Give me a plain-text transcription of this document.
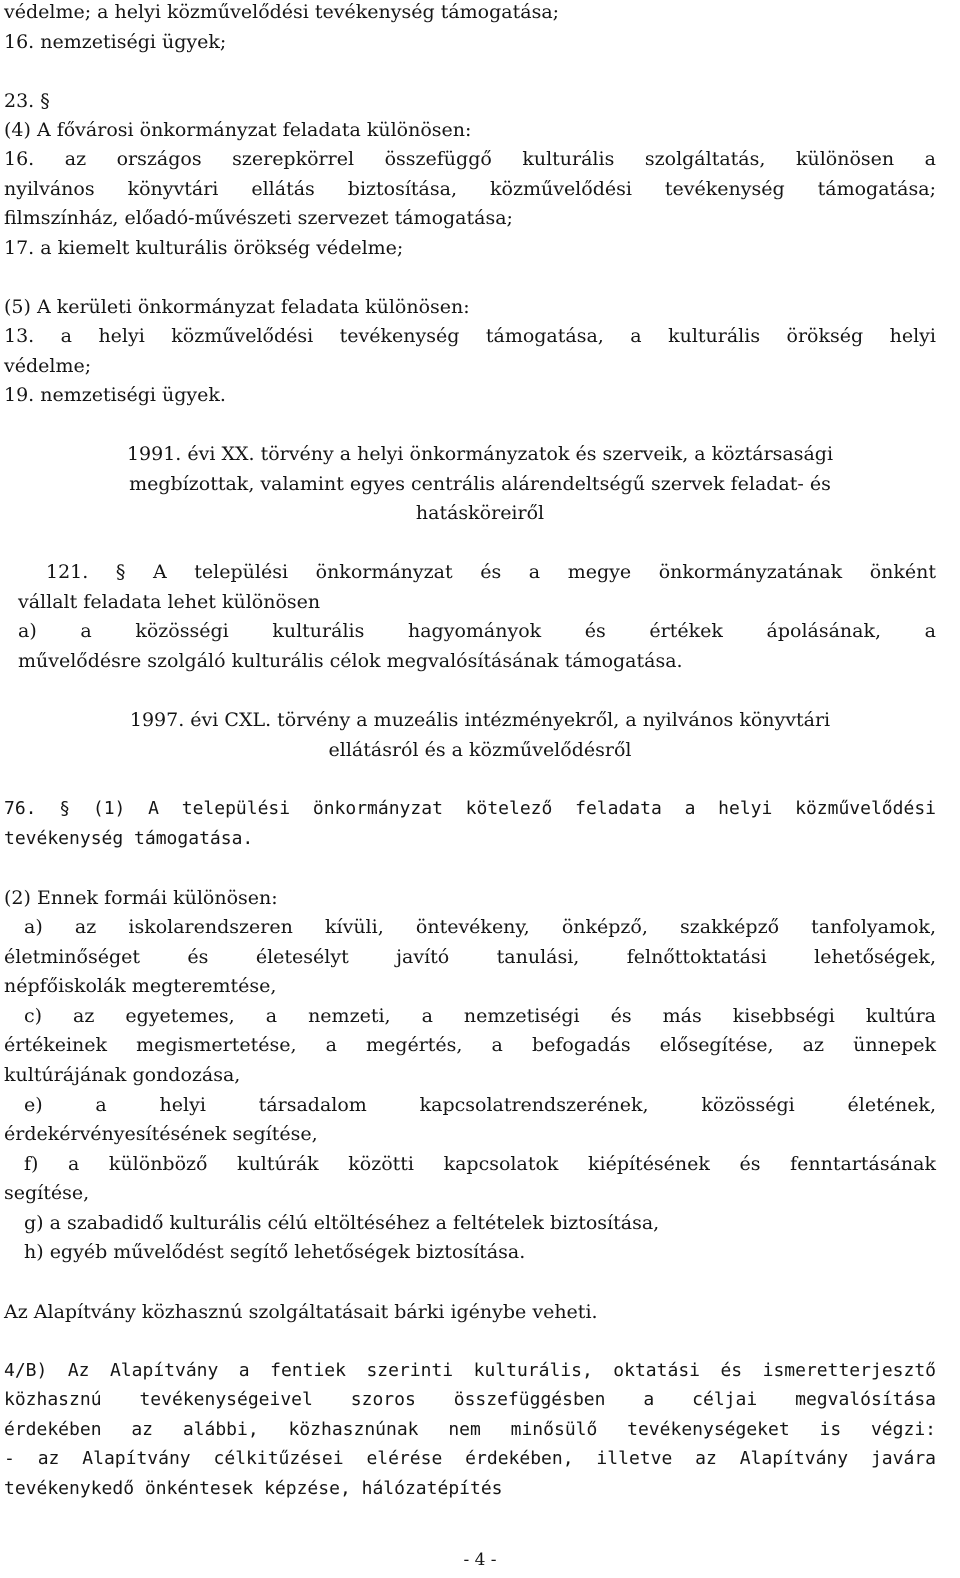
védelme; a helyi közművelődési tevékenység támogatása;
16. nemzetiségi ügyek;
23. §
(4) A fővárosi önkormányzat feladata különösen:
16. az országos szerepkörrel összefüggő kulturális szolgáltatás, különösen a
nyilvános könyvtári ellátás biztosítása, közművelődési tevékenység támogatása;
filmszínház, előadó-művészeti szervezet támogatása;
17. a kiemelt kulturális örökség védelme;
(5) A kerületi önkormányzat feladata különösen:
13. a helyi közművelődési tevékenység támogatása, a kulturális örökség helyi
védelme;
19. nemzetiségi ügyek.
1991. évi XX. törvény a helyi önkormányzatok és szerveik, a köztársasági
megbízottak, valamint egyes centrális alárendeltségű szervek feladat- és
hatásköreiről
121. § A települési önkormányzat és a megye önkormányzatának önként
vállalt feladata lehet különösen
a) a közösségi kulturális hagyományok és értékek ápolásának, a
művelődésre szolgáló kulturális célok megvalósításának támogatása.
1997. évi CXL. törvény a muzeális intézményekről, a nyilvános könyvtári
ellátásról és a közművelődésről
76. § (1) A települési önkormányzat kötelező feladata a helyi közművelődési
tevékenység támogatása.
(2) Ennek formái különösen:
a) az iskolarendszeren kívüli, öntevékeny, önképző, szakképző tanfolyamok,
életminőséget és életesélyt javító tanulási, felnőttoktatási lehetőségek,
népfőiskolák megteremtése,
c) az egyetemes, a nemzeti, a nemzetiségi és más kisebbségi kultúra
értékeinek megismertetése, a megértés, a befogadás elősegítése, az ünnepek
kultúrájának gondozása,
e) a helyi társadalom kapcsolatrendszerének, közösségi életének,
érdekérvényesítésének segítése,
f) a különböző kultúrák közötti kapcsolatok kiépítésének és fenntartásának
segítése,
g) a szabadidő kulturális célú eltöltéséhez a feltételek biztosítása,
h) egyéb művelődést segítő lehetőségek biztosítása.
Az Alapítvány közhasznú szolgáltatásait bárki igénybe veheti.
4/B) Az Alapítvány a fentiek szerinti kulturális, oktatási és ismeretterjesztő
közhasznú tevékenységeivel szoros összefüggésben a céljai megvalósítása
érdekében az alábbi, közhasznúnak nem minősülő tevékenységeket is végzi:
- az Alapítvány célkitűzései elérése érdekében, illetve az Alapítvány javára
tevékenykedő önkéntesek képzése, hálózatépítés
- 4 -
